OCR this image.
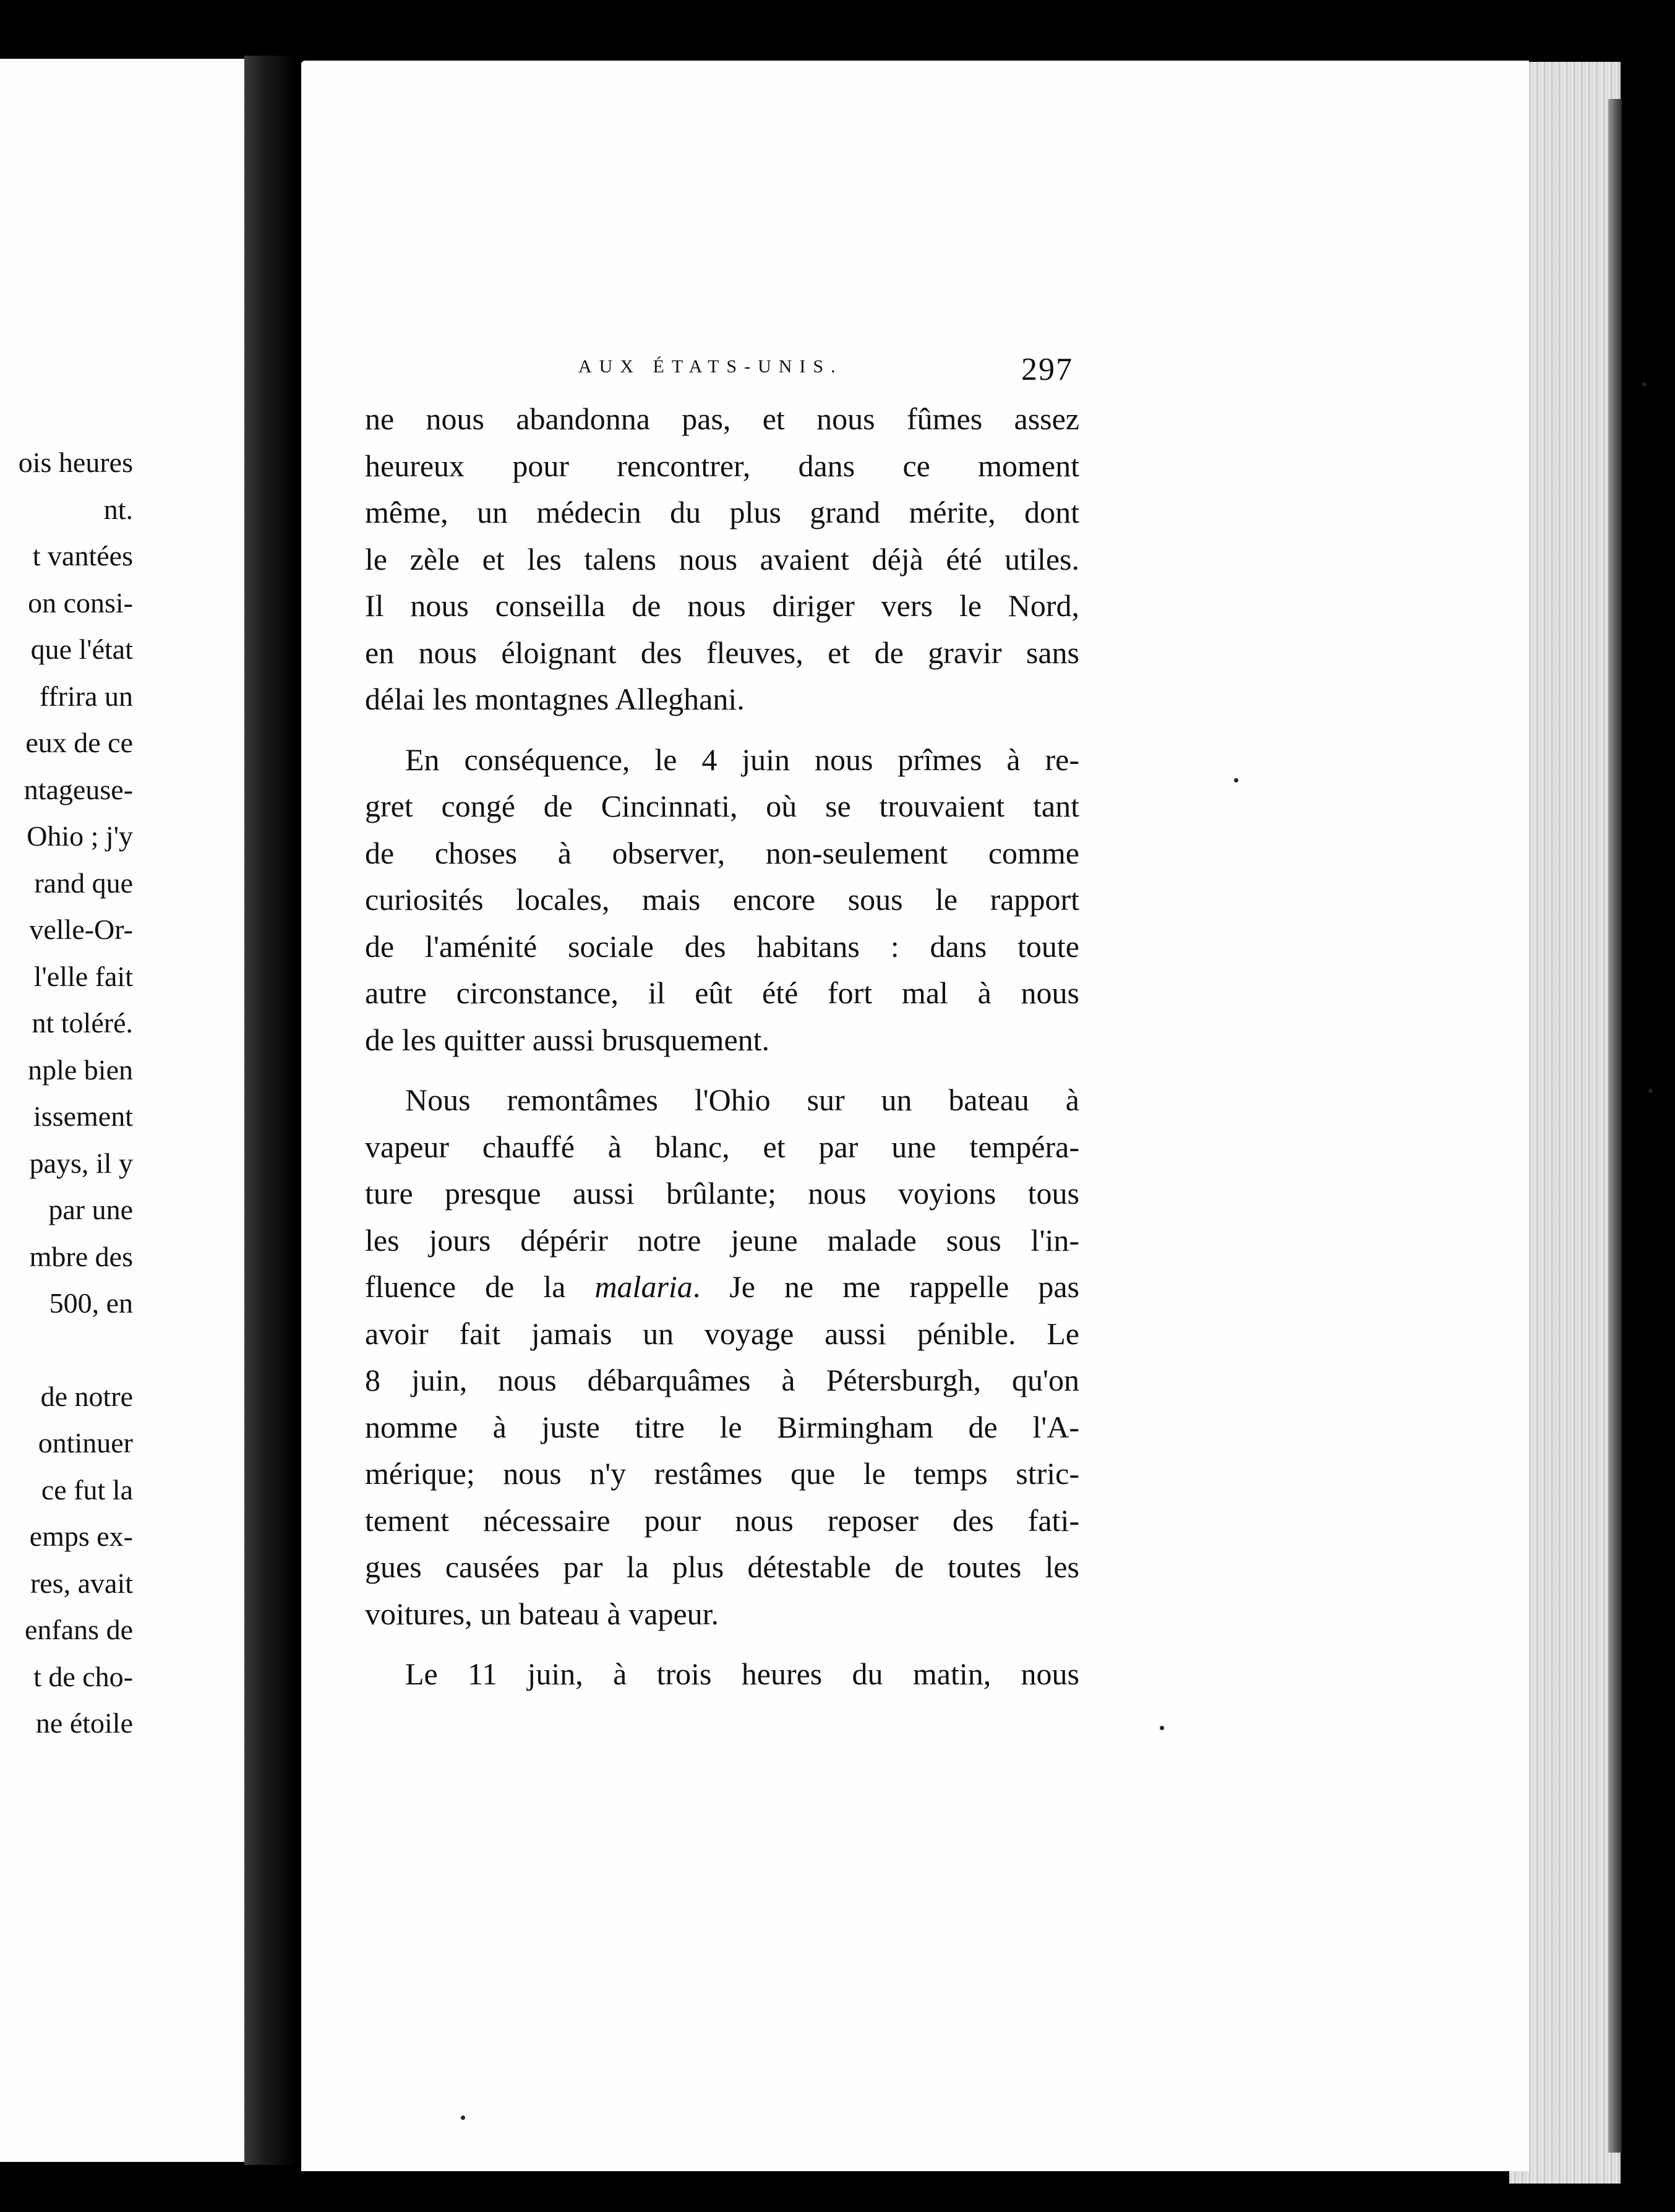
ois heures
nt.
t vantées
on consi-
que l'état
ffrira un
eux de ce
ntageuse-
Ohio ; j'y
rand que
velle-Or-
l'elle fait
nt toléré.
nple bien
issement
pays, il y
par une
mbre des
500, en
de notre
ontinuer
ce fut la
emps ex-
res, avait
enfans de
t de cho-
ne étoile
AUX ÉTATS-UNIS.	297
ne nous abandonna pas, et nous fûmes assez
heureux pour rencontrer, dans ce moment
même, un médecin du plus grand mérite, dont
le zèle et les talens nous avaient déjà été utiles.
Il nous conseilla de nous diriger vers le Nord,
en nous éloignant des fleuves, et de gravir sans
délai les montagnes Alleghani.
En conséquence, le 4 juin nous prîmes à re-
gret congé de Cincinnati, où se trouvaient tant
de choses à observer, non-seulement comme
curiosités locales, mais encore sous le rapport
de l'aménité sociale des habitans : dans toute
autre circonstance, il eût été fort mal à nous
de les quitter aussi brusquement.
Nous remontâmes l'Ohio sur un bateau à
vapeur chauffé à blanc, et par une tempéra-
ture presque aussi brûlante; nous voyions tous
les jours dépérir notre jeune malade sous l'in-
fluence de la malaria. Je ne me rappelle pas
avoir fait jamais un voyage aussi pénible. Le
8 juin, nous débarquâmes à Pétersburgh, qu'on
nomme à juste titre le Birmingham de l'A-
mérique; nous n'y restâmes que le temps stric-
tement nécessaire pour nous reposer des fati-
gues causées par la plus détestable de toutes les
voitures, un bateau à vapeur.
Le 11 juin, à trois heures du matin, nous
